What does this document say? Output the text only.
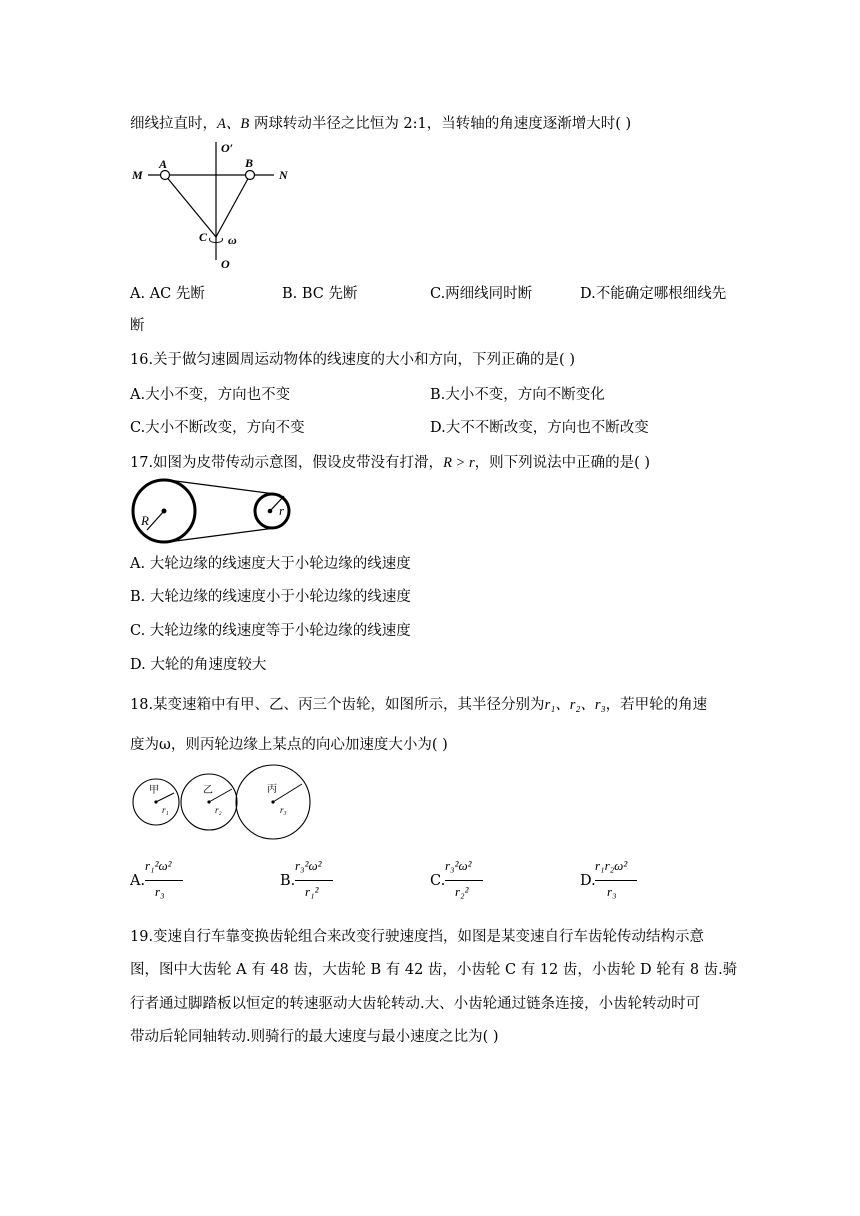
细线拉直时，A、B 两球转动半径之比恒为 2:1，当转轴的角速度逐渐增大时( )
M	N
A	B
O′
C ω
O
A. AC 先断	B. BC 先断	C.两细线同时断	D.不能确定哪根细线先
断
16.关于做匀速圆周运动物体的线速度的大小和方向，下列正确的是( )
A.大小不变，方向也不变	B.大小不变，方向不断变化
C.大小不断改变，方向不变	D.大不不断改变，方向也不断改变
17.如图为皮带传动示意图，假设皮带没有打滑，R > r，则下列说法中正确的是( )
R
r
A. 大轮边缘的线速度大于小轮边缘的线速度
B. 大轮边缘的线速度小于小轮边缘的线速度
C. 大轮边缘的线速度等于小轮边缘的线速度
D. 大轮的角速度较大
18.某变速箱中有甲、乙、丙三个齿轮，如图所示，其半径分别为r₁、r₂、r₃，若甲轮的角速
度为ω，则丙轮边缘上某点的向心加速度大小为( )
甲	乙	丙
r₁	r₂	r₃
A.
r₁²ω²
r₃
B.
r₃²ω²
r₁²
C.
r₃²ω²
r₂²
D.
r₁r₂ω²
r₃
19.变速自行车靠变换齿轮组合来改变行驶速度挡，如图是某变速自行车齿轮传动结构示意
图，图中大齿轮 A 有 48 齿，大齿轮 B 有 42 齿，小齿轮 C 有 12 齿，小齿轮 D 轮有 8 齿.骑
行者通过脚踏板以恒定的转速驱动大齿轮转动.大、小齿轮通过链条连接，小齿轮转动时可
带动后轮同轴转动.则骑行的最大速度与最小速度之比为( )
